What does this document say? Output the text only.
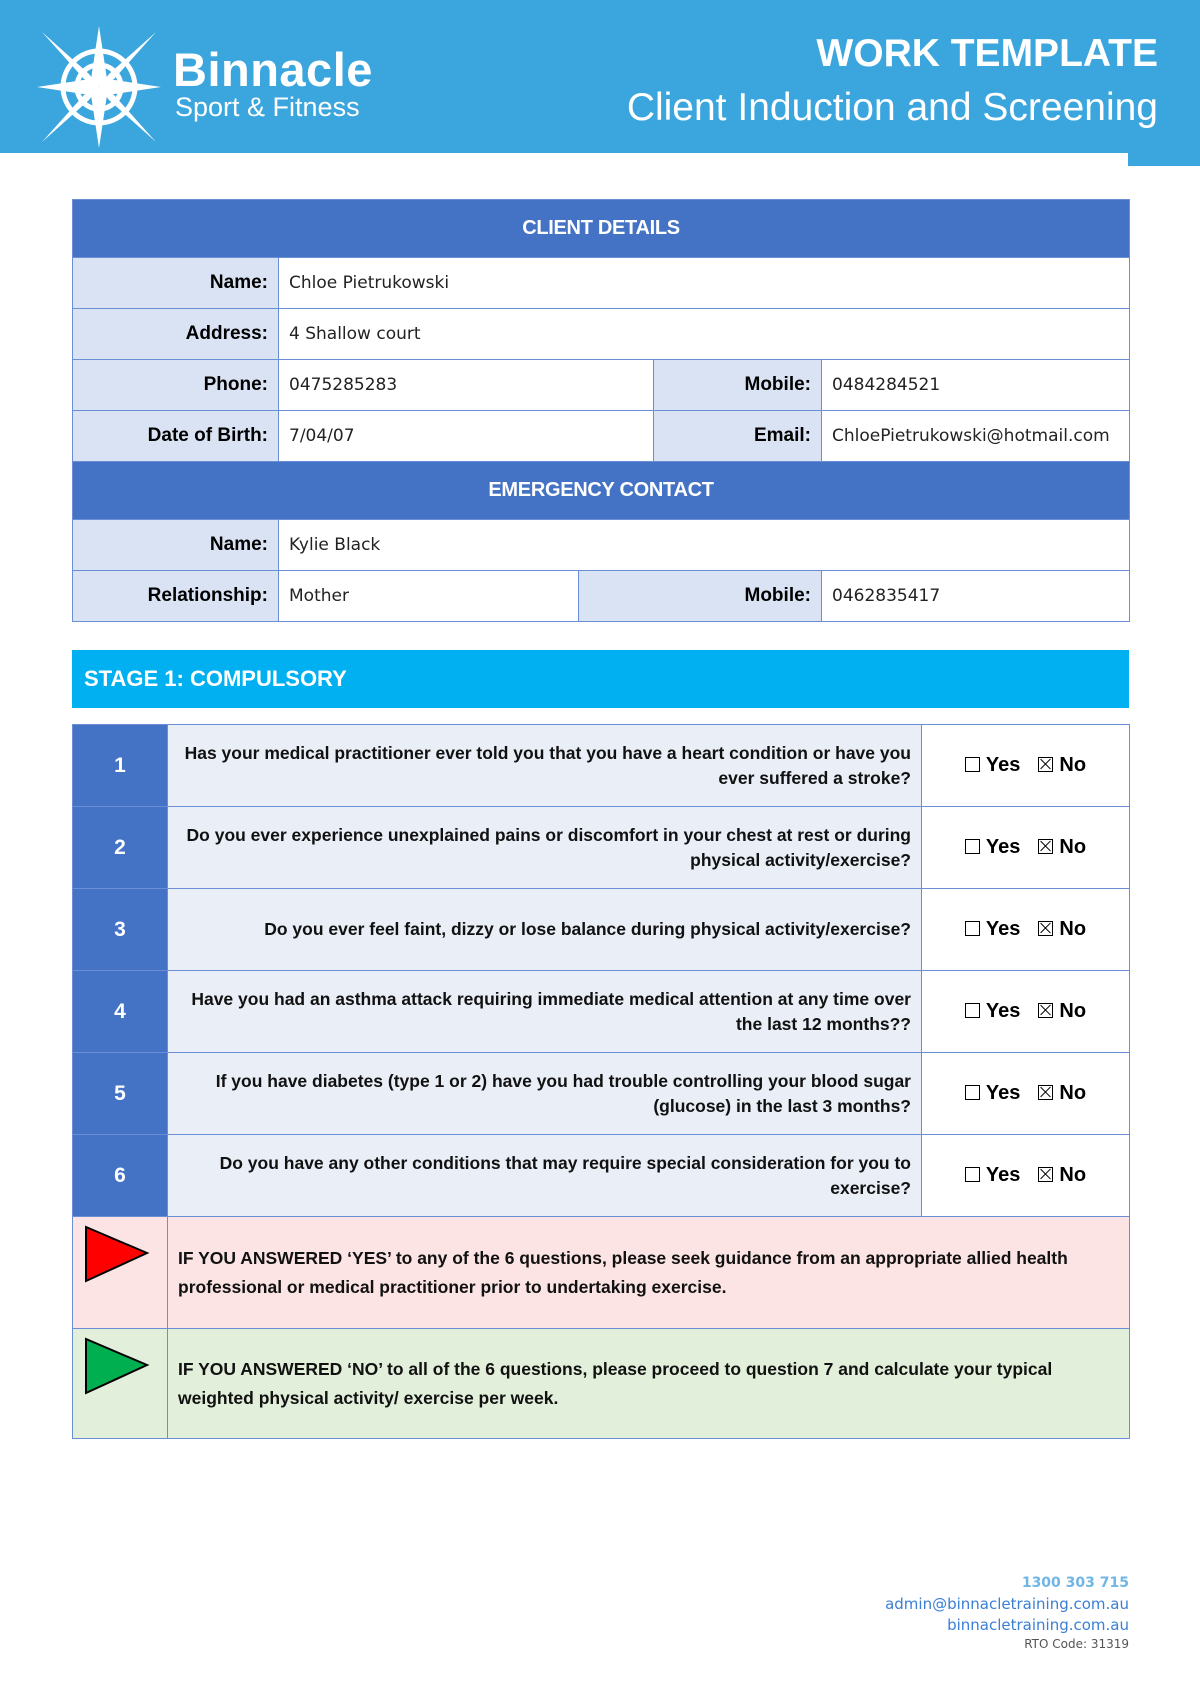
Binnacle
Sport & Fitness
WORK TEMPLATE
Client Induction and Screening
CLIENT DETAILS				
Name:	Chloe Pietrukowski			
Address:	4 Shallow court			
Phone:	0475285283		Mobile:	0484284521
Date of Birth:	7/04/07		Email:	ChloePietrukowski@hotmail.com
EMERGENCY CONTACT				
Name:	Kylie Black			
Relationship:	Mother	Mobile:		0462835417
STAGE 1: COMPULSORY
1	Has your medical practitioner ever told you that you have a heart condition or have you ever suffered a stroke?	Yes No
2	Do you ever experience unexplained pains or discomfort in your chest at rest or during physical activity/exercise?	Yes No
3	Do you ever feel faint, dizzy or lose balance during physical activity/exercise?	Yes No
4	Have you had an asthma attack requiring immediate medical attention at any time over the last 12 months??	Yes No
5	If you have diabetes (type 1 or 2) have you had trouble controlling your blood sugar (glucose) in the last 3 months?	Yes No
6	Do you have any other conditions that may require special consideration for you to exercise?	Yes No

	IF YOU ANSWERED ‘YES’ to any of the 6 questions, please seek guidance from an appropriate allied health professional or medical practitioner prior to undertaking exercise.	

	IF YOU ANSWERED ‘NO’ to all of the 6 questions, please proceed to question 7 and calculate your typical weighted physical activity/ exercise per week.	
1300 303 715
admin@binnacletraining.com.au
binnacletraining.com.au
RTO Code: 31319
